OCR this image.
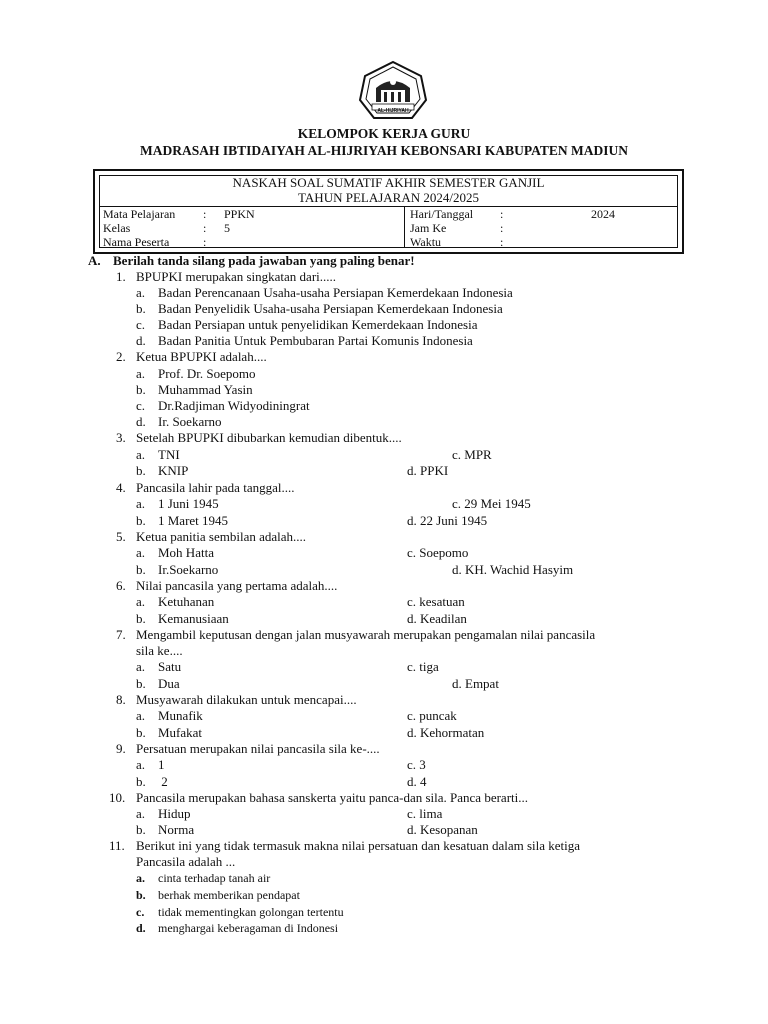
AL-HIJRIYAH
KELOMPOK KERJA GURU
MADRASAH IBTIDAIYAH AL-HIJRIYAH KEBONSARI KABUPATEN MADIUN
NASKAH SOAL SUMATIF AKHIR SEMESTER GANJIL
TAHUN PELAJARAN 2024/2025
Mata Pelajaran : PPKN
Kelas	: 5
Nama Peserta	:
Hari/Tanggal :	2024
Jam Ke	:
Waktu	:
A. Berilah tanda silang pada jawaban yang paling benar!
1. BPUPKI merupakan singkatan dari.....
a. Badan Perencanaan Usaha-usaha Persiapan Kemerdekaan Indonesia
b. Badan Penyelidik Usaha-usaha Persiapan Kemerdekaan Indonesia
c. Badan Persiapan untuk penyelidikan Kemerdekaan Indonesia
d. Badan Panitia Untuk Pembubaran Partai Komunis Indonesia
2. Ketua BPUPKI adalah....
a. Prof. Dr. Soepomo
b. Muhammad Yasin
c. Dr.Radjiman Widyodiningrat
d. Ir. Soekarno
3. Setelah BPUPKI dibubarkan kemudian dibentuk....
a. TNI	c. MPR
b. KNIP	d. PPKI
4. Pancasila lahir pada tanggal....
a. 1 Juni 1945	c. 29 Mei 1945
b. 1 Maret 1945	d. 22 Juni 1945
5. Ketua panitia sembilan adalah....
a. Moh Hatta	c. Soepomo
b. Ir.Soekarno	d. KH. Wachid Hasyim
6. Nilai pancasila yang pertama adalah....
a. Ketuhanan	c. kesatuan
b. Kemanusiaan	d. Keadilan
7. Mengambil keputusan dengan jalan musyawarah merupakan pengamalan nilai pancasila
sila ke....
a. Satu	c. tiga
b. Dua	d. Empat
8. Musyawarah dilakukan untuk mencapai....
a. Munafik	c. puncak
b. Mufakat	d. Kehormatan
9. Persatuan merupakan nilai pancasila sila ke-....
a. 1	c. 3
b. 2	d. 4
10. Pancasila merupakan bahasa sanskerta yaitu panca-dan sila. Panca berarti...
a. Hidup	c. lima
b. Norma	d. Kesopanan
11. Berikut ini yang tidak termasuk makna nilai persatuan dan kesatuan dalam sila ketiga
Pancasila adalah ...
a. cinta terhadap tanah air
b. berhak memberikan pendapat
c. tidak mementingkan golongan tertentu
d. menghargai keberagaman di Indonesi
